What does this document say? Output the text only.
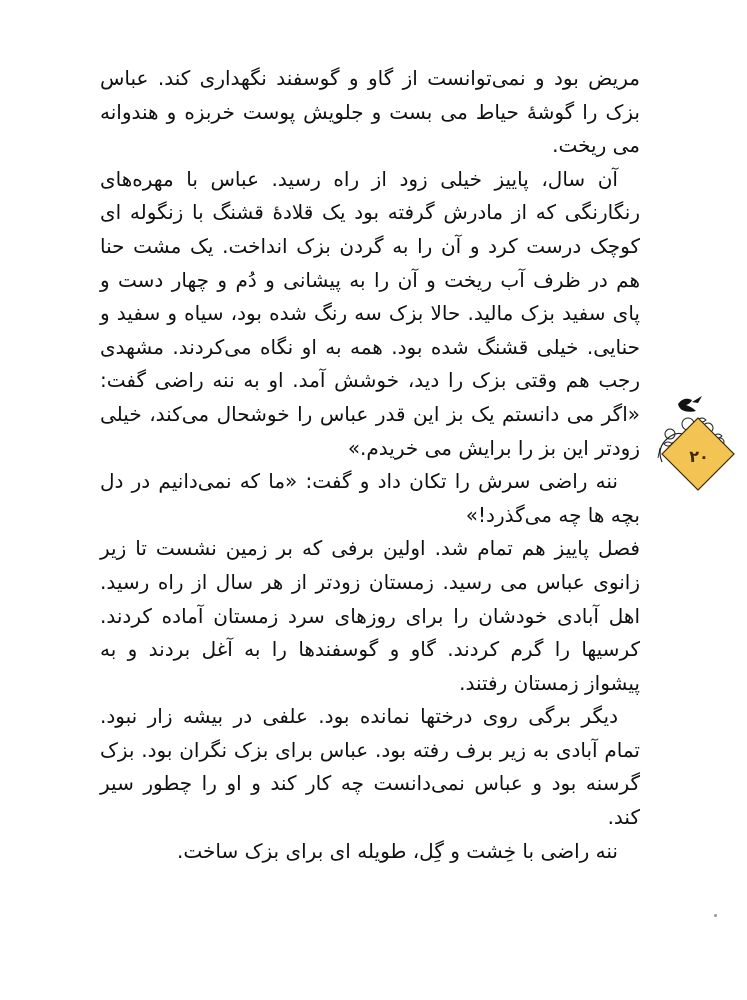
مریض بود و نمی‌توانست از گاو و گوسفند نگهداری کند. عباس بزک را گوشهٔ حیاط می بست و جلویش پوست خربزه و هندوانه می ریخت.

آن سال، پاییز خیلی زود از راه رسید. عباس با مهره‌های رنگارنگی که از مادرش گرفته بود یک قلادهٔ قشنگ با زنگوله ای کوچک درست کرد و آن را به گردن بزک انداخت. یک مشت حنا هم در ظرف آب ریخت و آن را به پیشانی و دُم و چهار دست و پای سفید بزک مالید. حالا بزک سه رنگ شده بود، سیاه و سفید و حنایی. خیلی قشنگ شده بود. همه به او نگاه می‌کردند. مشهدی رجب هم وقتی بزک را دید، خوشش آمد. او به ننه راضی گفت: «اگر می دانستم یک بز این قدر عباس را خوشحال می‌کند، خیلی زودتر این بز را برایش می خریدم.»

ننه راضی سرش را تکان داد و گفت: «ما که نمی‌دانیم در دل بچه ها چه می‌گذرد!»

فصل پاییز هم تمام شد. اولین برفی که بر زمین نشست تا زیر زانوی عباس می رسید. زمستان زودتر از هر سال از راه رسید. اهل آبادی خودشان را برای روزهای سرد زمستان آماده کردند. کرسیها را گرم کردند. گاو و گوسفندها را به آغل بردند و به پیشواز زمستان رفتند.

دیگر برگی روی درختها نمانده بود. علفی در بیشه زار نبود. تمام آبادی به زیر برف رفته بود. عباس برای بزک نگران بود. بزک گرسنه بود و عباس نمی‌دانست چه کار کند و او را چطور سیر کند.

ننه راضی با خِشت و گِل، طویله ای برای بزک ساخت.

۲۰
